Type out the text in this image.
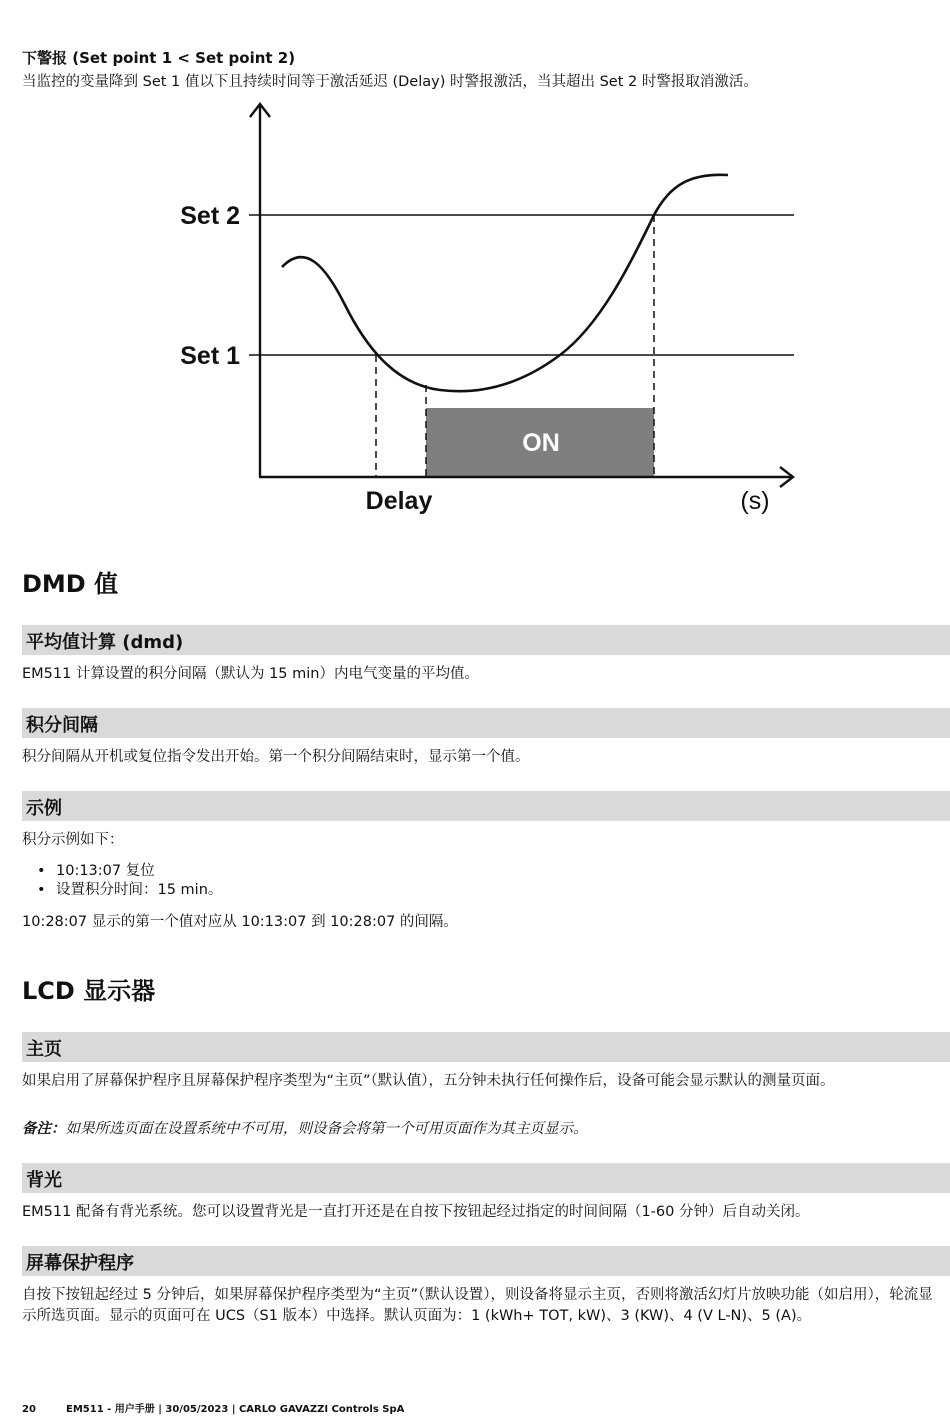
下警报 (Set point 1 < Set point 2)
当监控的变量降到 Set 1 值以下且持续时间等于激活延迟 (Delay) 时警报激活，当其超出 Set 2 时警报取消激活。
Set 2
Set 1
ON
Delay	(s)
DMD 值
平均值计算 (dmd)
EM511 计算设置的积分间隔（默认为 15 min）内电气变量的平均值。
积分间隔
积分间隔从开机或复位指令发出开始。第一个积分间隔结束时，显示第一个值。
示例
积分示例如下：
• 10:13:07 复位
• 设置积分时间：15 min。
10:28:07 显示的第一个值对应从 10:13:07 到 10:28:07 的间隔。
LCD 显示器
主页
如果启用了屏幕保护程序且屏幕保护程序类型为“主页”（默认值），五分钟未执行任何操作后，设备可能会显示默认的测量页面。
备注：如果所选页面在设置系统中不可用，则设备会将第一个可用页面作为其主页显示。
背光
EM511 配备有背光系统。您可以设置背光是一直打开还是在自按下按钮起经过指定的时间间隔（1-60 分钟）后自动关闭。
屏幕保护程序
自按下按钮起经过 5 分钟后，如果屏幕保护程序类型为“主页”（默认设置），则设备将显示主页，否则将激活幻灯片放映功能（如启用），轮流显示所选页面。显示的页面可在 UCS（S1 版本）中选择。默认页面为：1 (kWh+ TOT, kW)、3 (KW)、4 (V L-N)、5 (A)。
20	EM511 - 用户手册 | 30/05/2023 | CARLO GAVAZZI Controls SpA
